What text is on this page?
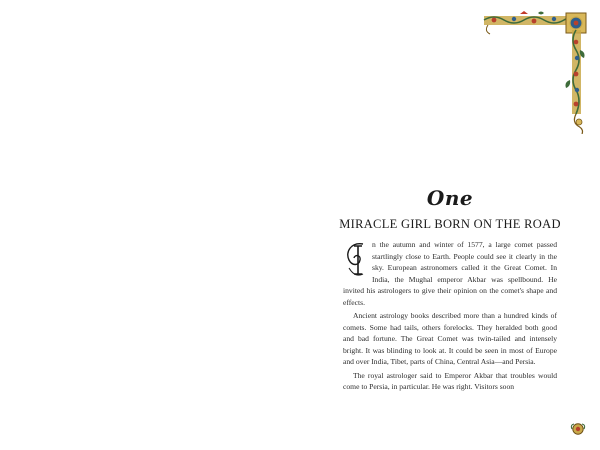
One
MIRACLE GIRL BORN ON THE ROAD

n the autumn and winter of 1577, a large comet passed startlingly close to Earth. People could see it clearly in the sky. European astronomers called it the Great Comet. In India, the Mughal emperor Akbar was spellbound. He invited his astrologers to give their opinion on the comet's shape and effects.

Ancient astrology books described more than a hundred kinds of comets. Some had tails, others forelocks. They heralded both good and bad fortune. The Great Comet was twin-tailed and intensely bright. It was blinding to look at. It could be seen in most of Europe and over India, Tibet, parts of China, Central Asia—and Persia.

The royal astrologer said to Emperor Akbar that troubles would come to Persia, in particular. He was right. Visitors soon
